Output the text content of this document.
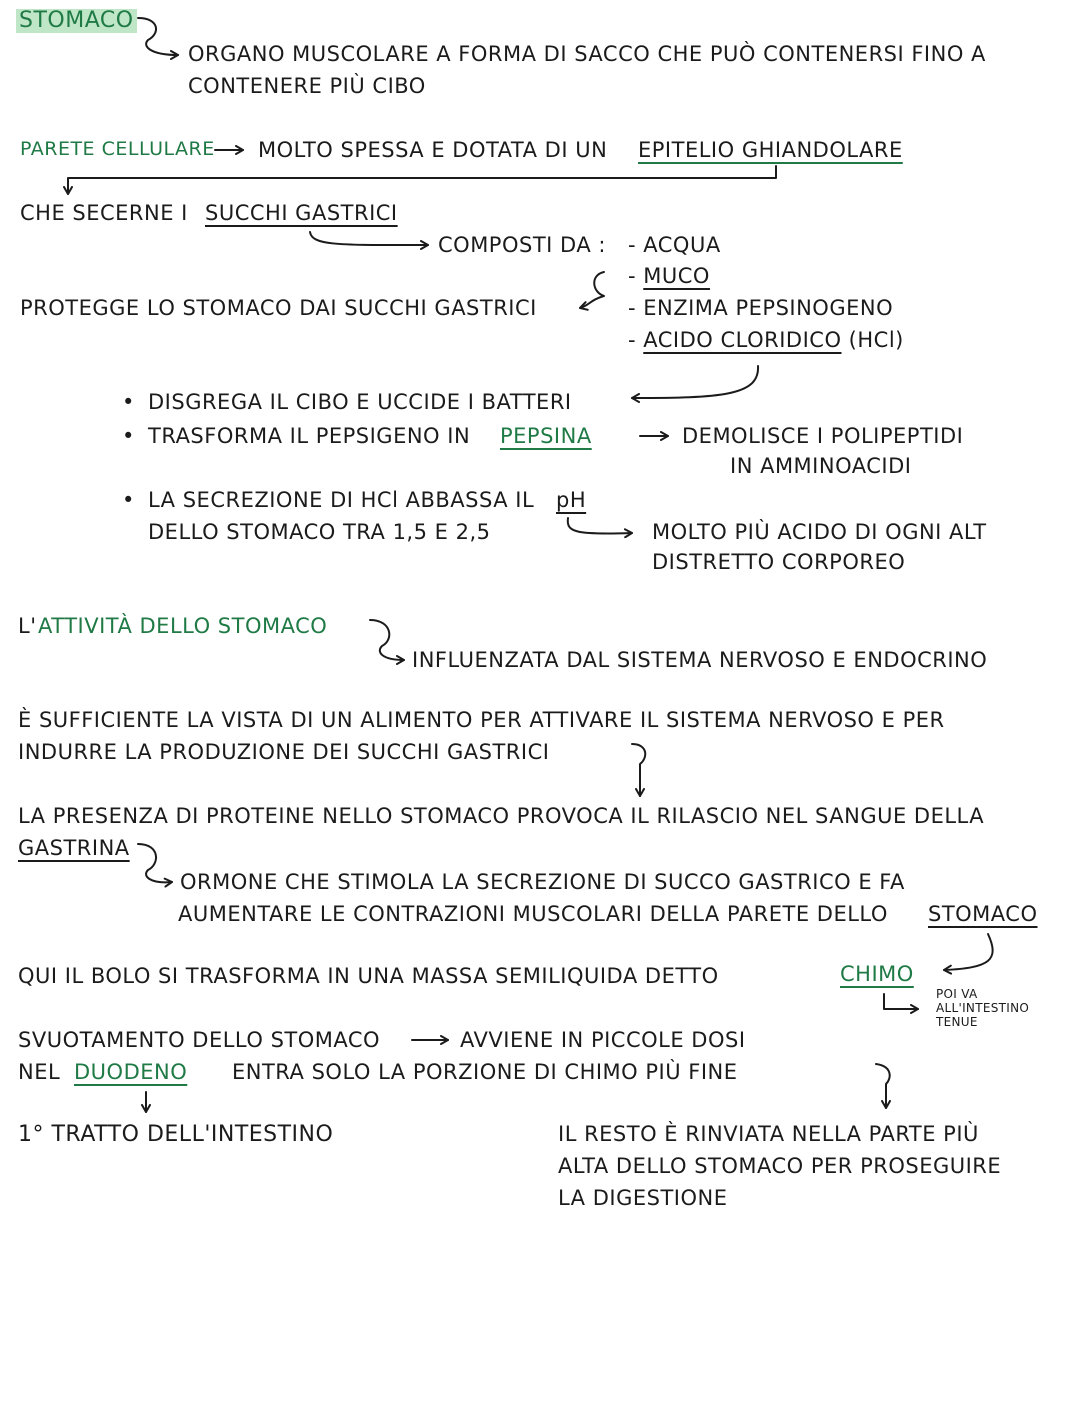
STOMACO
ORGANO MUSCOLARE A FORMA DI SACCO CHE PUÒ CONTENERSI FINO A
CONTENERE PIÙ CIBO
PARETE CELLULARE MOLTO SPESSA E DOTATA DI UN EPITELIO GHIANDOLARE
CHE SECERNE I SUCCHI GASTRICI
COMPOSTI DA : - ACQUA
- MUCO
- ENZIMA PEPSINOGENO
- ACIDO CLORIDICO (HCl)
PROTEGGE LO STOMACO DAI SUCCHI GASTRICI
• DISGREGA IL CIBO E UCCIDE I BATTERI
• TRASFORMA IL PEPSIGENO IN PEPSINA	DEMOLISCE I POLIPEPTIDI
IN AMMINOACIDI
• LA SECREZIONE DI HCl ABBASSA IL pH
DELLO STOMACO TRA 1,5 E 2,5	MOLTO PIÙ ACIDO DI OGNI ALT
DISTRETTO CORPOREO
L' ATTIVITÀ DELLO STOMACO
INFLUENZATA DAL SISTEMA NERVOSO E ENDOCRINO
È SUFFICIENTE LA VISTA DI UN ALIMENTO PER ATTIVARE IL SISTEMA NERVOSO E PER
INDURRE LA PRODUZIONE DEI SUCCHI GASTRICI
LA PRESENZA DI PROTEINE NELLO STOMACO PROVOCA IL RILASCIO NEL SANGUE DELLA
GASTRINA
ORMONE CHE STIMOLA LA SECREZIONE DI SUCCO GASTRICO E FA
AUMENTARE LE CONTRAZIONI MUSCOLARI DELLA PARETE DELLO STOMACO
QUI IL BOLO SI TRASFORMA IN UNA MASSA SEMILIQUIDA DETTO	CHIMO
POI VA
ALL'INTESTINO
TENUE
SVUOTAMENTO DELLO STOMACO	AVVIENE IN PICCOLE DOSI
NEL DUODENO ENTRA SOLO LA PORZIONE DI CHIMO PIÙ FINE
1° TRATTO DELL'INTESTINO	IL RESTO È RINVIATA NELLA PARTE PIÙ
ALTA DELLO STOMACO PER PROSEGUIRE
LA DIGESTIONE
